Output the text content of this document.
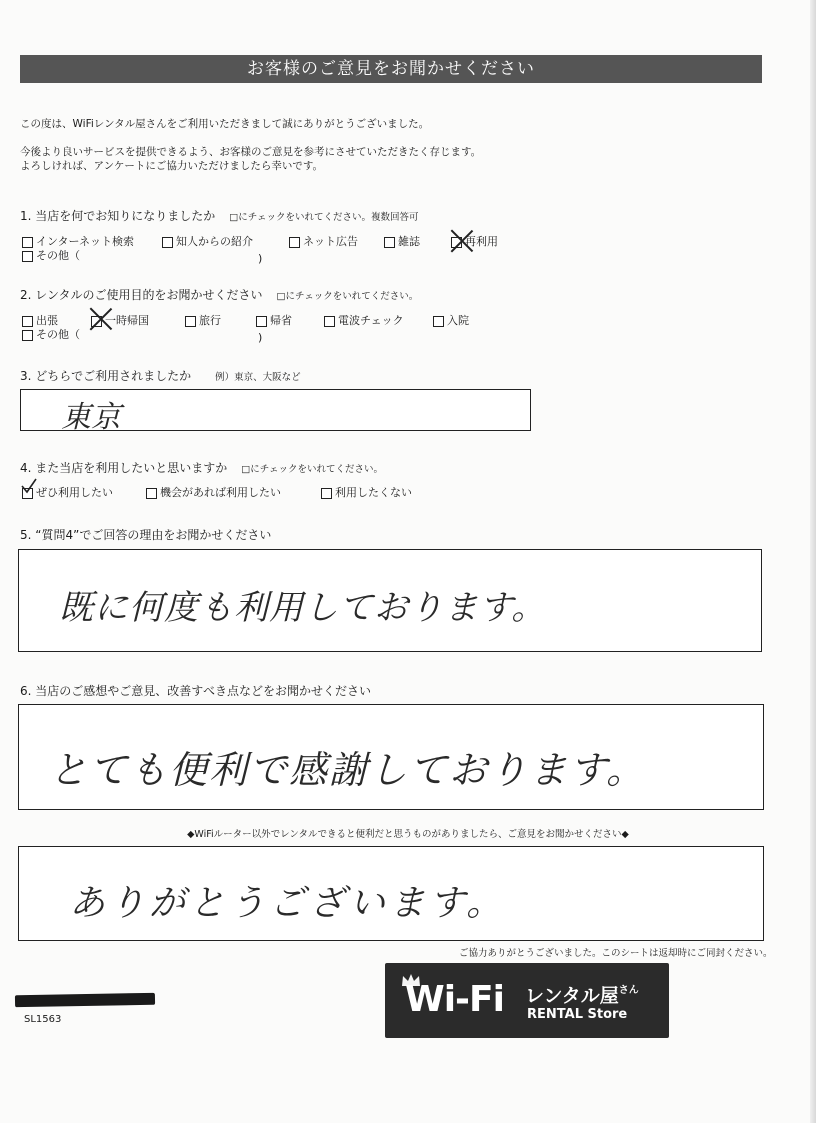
お客様のご意見をお聞かせください
この度は、WiFiレンタル屋さんをご利用いただきまして誠にありがとうございました。
今後より良いサービスを提供できるよう、お客様のご意見を参考にさせていただきたく存じます。
よろしければ、アンケートにご協力いただけましたら幸いです。
1. 当店を何でお知りになりましたか □にチェックをいれてください。複数回答可
インターネット検索	知人からの紹介	ネット広告	雑誌	再利用
その他（	)
2. レンタルのご使用目的をお聞かせください □にチェックをいれてください。
出張	一時帰国	旅行	帰省	電波チェック	入院
その他（	)
3. どちらでご利用されましたか	例）東京、大阪など
東京
4. また当店を利用したいと思いますか □にチェックをいれてください。
ぜひ利用したい	機会があれば利用したい	利用したくない
5. “質問4”でご回答の理由をお聞かせください
既に何度も利用しております。
6. 当店のご感想やご意見、改善すべき点などをお聞かせください
とても便利で感謝しております。
◆WiFiルーター以外でレンタルできると便利だと思うものがありましたら、ご意見をお聞かせください◆
ありがとうございます。
ご協力ありがとうございました。このシートは返却時にご同封ください。
SL1563	Wi-Fi レンタル屋$^{さん}$
RENTAL Store
